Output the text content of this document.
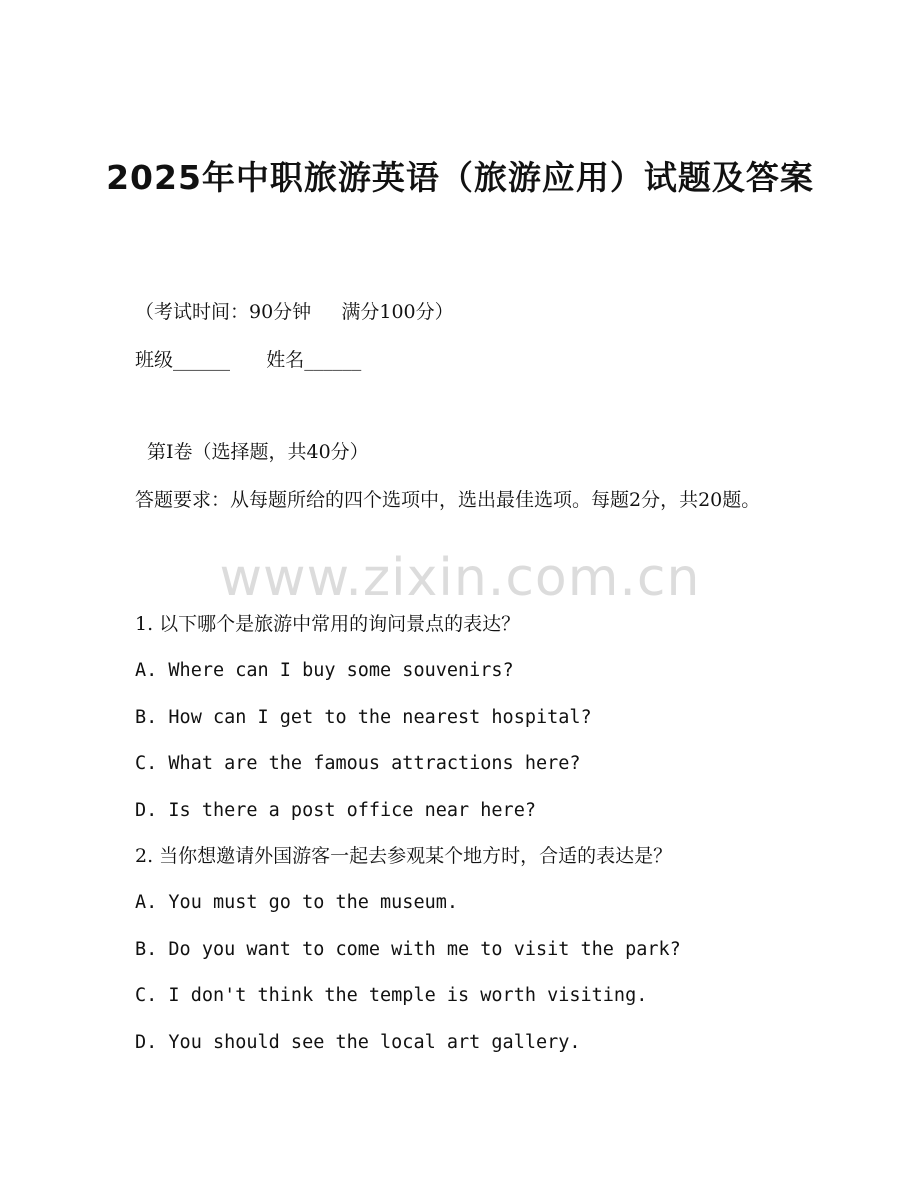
2025年中职旅游英语（旅游应用）试题及答案
（考试时间：90分钟     满分100分）
班级______      姓名______
第I卷（选择题，共40分）
答题要求：从每题所给的四个选项中，选出最佳选项。每题2分，共20题。
www.zixin.com.cn
1. 以下哪个是旅游中常用的询问景点的表达？
A. Where can I buy some souvenirs?
B. How can I get to the nearest hospital?
C. What are the famous attractions here?
D. Is there a post office near here?
2. 当你想邀请外国游客一起去参观某个地方时，合适的表达是？
A. You must go to the museum.
B. Do you want to come with me to visit the park?
C. I don't think the temple is worth visiting.
D. You should see the local art gallery.
